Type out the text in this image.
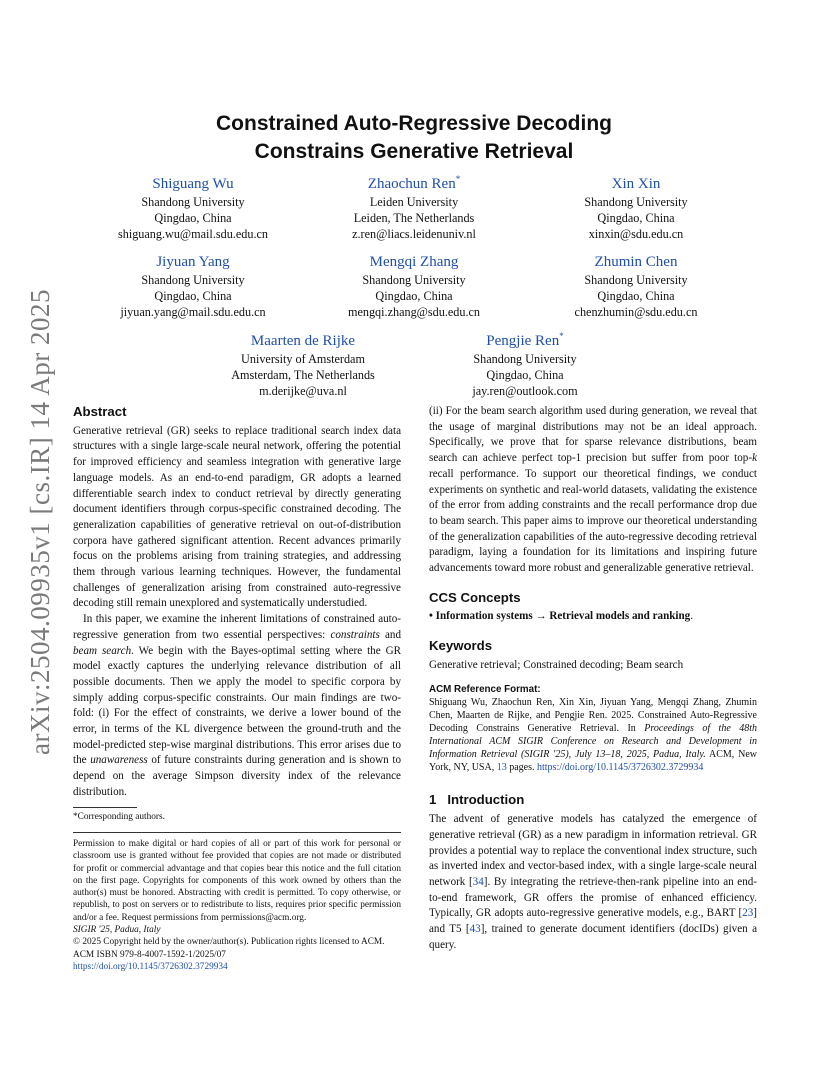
arXiv:2504.09935v1 [cs.IR] 14 Apr 2025
Constrained Auto-Regressive Decoding
Constrains Generative Retrieval
Shiguang Wu
Shandong University
Qingdao, China
shiguang.wu@mail.sdu.edu.cn
Zhaochun Ren*
Leiden University
Leiden, The Netherlands
z.ren@liacs.leidenuniv.nl
Xin Xin
Shandong University
Qingdao, China
xinxin@sdu.edu.cn
Jiyuan Yang
Shandong University
Qingdao, China
jiyuan.yang@mail.sdu.edu.cn
Mengqi Zhang
Shandong University
Qingdao, China
mengqi.zhang@sdu.edu.cn
Zhumin Chen
Shandong University
Qingdao, China
chenzhumin@sdu.edu.cn
Maarten de Rijke
University of Amsterdam
Amsterdam, The Netherlands
m.derijke@uva.nl
Pengjie Ren*
Shandong University
Qingdao, China
jay.ren@outlook.com
Abstract

Generative retrieval (GR) seeks to replace traditional search index data structures with a single large-scale neural network, offering the potential for improved efficiency and seamless integration with generative large language models. As an end-to-end paradigm, GR adopts a learned differentiable search index to conduct retrieval by directly generating document identifiers through corpus-specific constrained decoding. The generalization capabilities of generative retrieval on out-of-distribution corpora have gathered significant attention. Recent advances primarily focus on the problems arising from training strategies, and addressing them through various learning techniques. However, the fundamental challenges of generalization arising from constrained auto-regressive decoding still remain unexplored and systematically understudied.

In this paper, we examine the inherent limitations of constrained auto-regressive generation from two essential perspectives: constraints and beam search. We begin with the Bayes-optimal setting where the GR model exactly captures the underlying relevance distribution of all possible documents. Then we apply the model to specific corpora by simply adding corpus-specific constraints. Our main findings are two-fold: (i) For the effect of constraints, we derive a lower bound of the error, in terms of the KL divergence between the ground-truth and the model-predicted step-wise marginal distributions. This error arises due to the unawareness of future constraints during generation and is shown to depend on the average Simpson diversity index of the relevance distribution.

*Corresponding authors.
Permission to make digital or hard copies of all or part of this work for personal or classroom use is granted without fee provided that copies are not made or distributed for profit or commercial advantage and that copies bear this notice and the full citation on the first page. Copyrights for components of this work owned by others than the author(s) must be honored. Abstracting with credit is permitted. To copy otherwise, or republish, to post on servers or to redistribute to lists, requires prior specific permission and/or a fee. Request permissions from permissions@acm.org.
SIGIR '25, Padua, Italy
© 2025 Copyright held by the owner/author(s). Publication rights licensed to ACM.
ACM ISBN 979-8-4007-1592-1/2025/07
https://doi.org/10.1145/3726302.3729934

(ii) For the beam search algorithm used during generation, we reveal that the usage of marginal distributions may not be an ideal approach. Specifically, we prove that for sparse relevance distributions, beam search can achieve perfect top-1 precision but suffer from poor top-k recall performance. To support our theoretical findings, we conduct experiments on synthetic and real-world datasets, validating the existence of the error from adding constraints and the recall performance drop due to beam search. This paper aims to improve our theoretical understanding of the generalization capabilities of the auto-regressive decoding retrieval paradigm, laying a foundation for its limitations and inspiring future advancements toward more robust and generalizable generative retrieval.

CCS Concepts
• Information systems → Retrieval models and ranking.
Keywords
Generative retrieval; Constrained decoding; Beam search
ACM Reference Format:
Shiguang Wu, Zhaochun Ren, Xin Xin, Jiyuan Yang, Mengqi Zhang, Zhumin Chen, Maarten de Rijke, and Pengjie Ren. 2025. Constrained Auto-Regressive Decoding Constrains Generative Retrieval. In Proceedings of the 48th International ACM SIGIR Conference on Research and Development in Information Retrieval (SIGIR '25), July 13–18, 2025, Padua, Italy. ACM, New York, NY, USA, 13 pages. https://doi.org/10.1145/3726302.3729934
1 Introduction

The advent of generative models has catalyzed the emergence of generative retrieval (GR) as a new paradigm in information retrieval. GR provides a potential way to replace the conventional index structure, such as inverted index and vector-based index, with a single large-scale neural network [34]. By integrating the retrieve-then-rank pipeline into an end-to-end framework, GR offers the promise of enhanced efficiency. Typically, GR adopts auto-regressive generative models, e.g., BART [23] and T5 [43], trained to generate document identifiers (docIDs) given a query.
